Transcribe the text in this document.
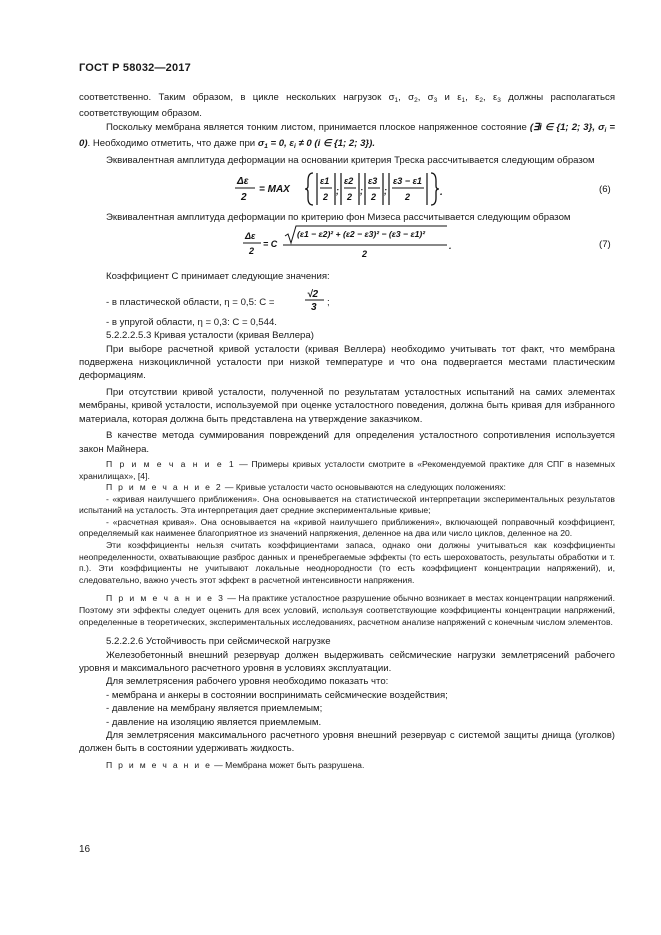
ГОСТ Р 58032—2017

соответственно. Таким образом, в цикле нескольких нагрузок $\sigma_1$, $\sigma_2$, $\sigma_3$ и $\varepsilon_1$, $\varepsilon_2$, $\varepsilon_3$ должны располагаться соответствующим образом.

Поскольку мембрана является тонким листом, принимается плоское напряженное состояние (∃i ∈ {1; 2; 3}, $\sigma_i = 0$). Необходимо отметить, что даже при $\sigma_1 = 0$, $\varepsilon_i \ne 0$ (i ∈ {1; 2; 3}).

Эквивалентная амплитуда деформации на основании критерия Треска рассчитывается следующим образом

Δε
2
= MAX
ε1
2
;
ε2
2
;
ε3
2
;
ε3 − ε1
2	.	(6)

Эквивалентная амплитуда деформации по критерию фон Мизеса рассчитывается следующим образом

Δε
2
= C
(ε1 − ε2)² + (ε2 − ε3)² − (ε3 − ε1)²
2
.	(7)

Коэффициент C принимает следующие значения:

- в пластической области, η = 0,5: C =
√2
3 ;

- в упругой области, η = 0,3: C = 0,544.

5.2.2.2.5.3 Кривая усталости (кривая Веллера)

При выборе расчетной кривой усталости (кривая Веллера) необходимо учитывать тот факт, что мембрана подвержена низкоцикличной усталости при низкой температуре и что она подвергается местами пластическим деформациям.

При отсутствии кривой усталости, полученной по результатам усталостных испытаний на самих элементах мембраны, кривой усталости, используемой при оценке усталостного поведения, должна быть кривая для избранного материала, которая должна быть представлена на утверждение заказчиком.

В качестве метода суммирования повреждений для определения усталостного сопротивления используется закон Майнера.

П р и м е ч а н и е 1 — Примеры кривых усталости смотрите в «Рекомендуемой практике для СПГ в наземных хранилищах», [4].

П р и м е ч а н и е 2 — Кривые усталости часто основываются на следующих положениях:

- «кривая наилучшего приближения». Она основывается на статистической интерпретации экспериментальных результатов испытаний на усталость. Эта интерпретация дает средние экспериментальные кривые;

- «расчетная кривая». Она основывается на «кривой наилучшего приближения», включающей поправочный коэффициент, определяемый как наименее благоприятное из значений напряжения, деленное на два или число циклов, деленное на 20.

Эти коэффициенты нельзя считать коэффициентами запаса, однако они должны учитываться как коэффициенты неопределенности, охватывающие разброс данных и пренебрегаемые эффекты (то есть шероховатость, результаты обработки и т. п.). Эти коэффициенты не учитывают локальные неоднородности (то есть коэффициент концентрации напряжений), и, следовательно, важно учесть этот эффект в расчетной интенсивности напряжения.

П р и м е ч а н и е 3 — На практике усталостное разрушение обычно возникает в местах концентрации напряжений. Поэтому эти эффекты следует оценить для всех условий, используя соответствующие коэффициенты концентрации напряжений, определенные в теоретических, экспериментальных исследованиях, расчетном анализе напряжений с конечным числом элементов.

5.2.2.2.6 Устойчивость при сейсмической нагрузке

Железобетонный внешний резервуар должен выдерживать сейсмические нагрузки землетрясений рабочего уровня и максимального расчетного уровня в условиях эксплуатации.

Для землетрясения рабочего уровня необходимо показать что:

- мембрана и анкеры в состоянии воспринимать сейсмические воздействия;

- давление на мембрану является приемлемым;

- давление на изоляцию является приемлемым.

Для землетрясения максимального расчетного уровня внешний резервуар с системой защиты днища (уголков) должен быть в состоянии удерживать жидкость.

П р и м е ч а н и е — Мембрана может быть разрушена.

16
